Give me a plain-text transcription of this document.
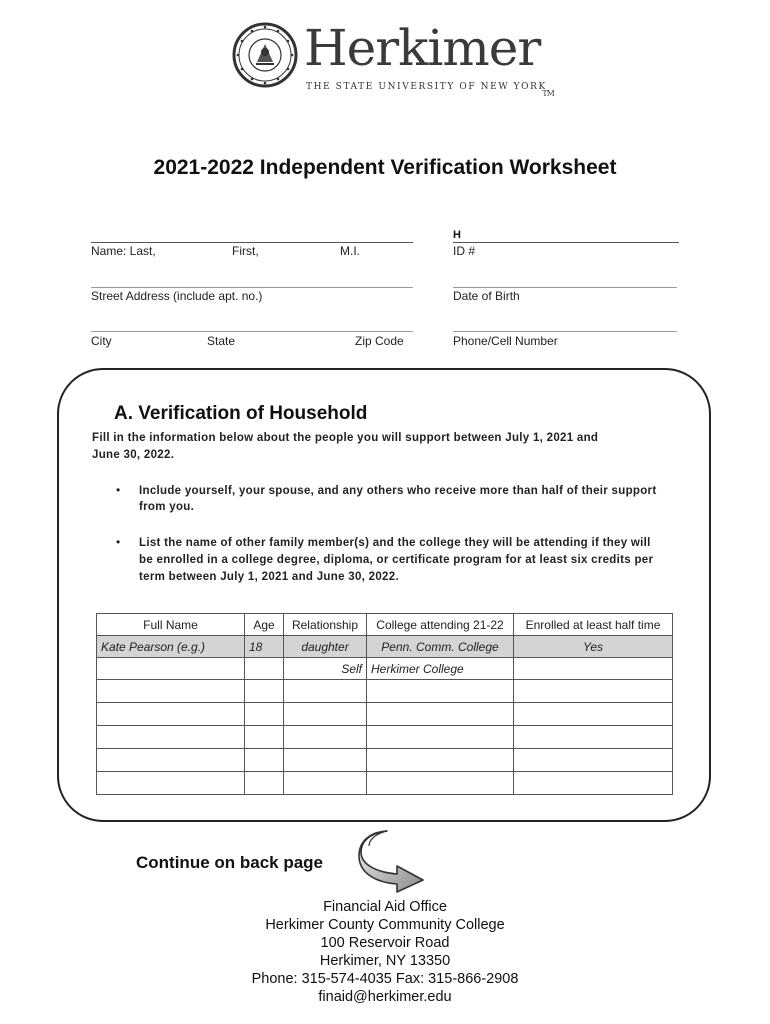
HerkimerTM
THE STATE UNIVERSITY OF NEW YORK
2021-2022 Independent Verification Worksheet
Name: Last,	First,	M.I.
H
ID #
Street Address (include apt. no.)	Date of Birth
City	State	Zip Code	Phone/Cell Number
A. Verification of Household
Fill in the information below about the people you will support between July 1, 2021 and
June 30, 2022.
• Include yourself, your spouse, and any others who receive more than half of their support
from you.
• List the name of other family member(s) and the college they will be attending if they will
be enrolled in a college degree, diploma, or certificate program for at least six credits per
term between July 1, 2021 and June 30, 2022.
Full Name	Age	Relationship	College attending 21-22	Enrolled at least half time
Kate Pearson (e.g.)	18	daughter	Penn. Comm. College	Yes
		Self	Herkimer College	

Continue on back page
Financial Aid Office
Herkimer County Community College
100 Reservoir Road
Herkimer, NY 13350
Phone: 315-574-4035 Fax: 315-866-2908
finaid@herkimer.edu
